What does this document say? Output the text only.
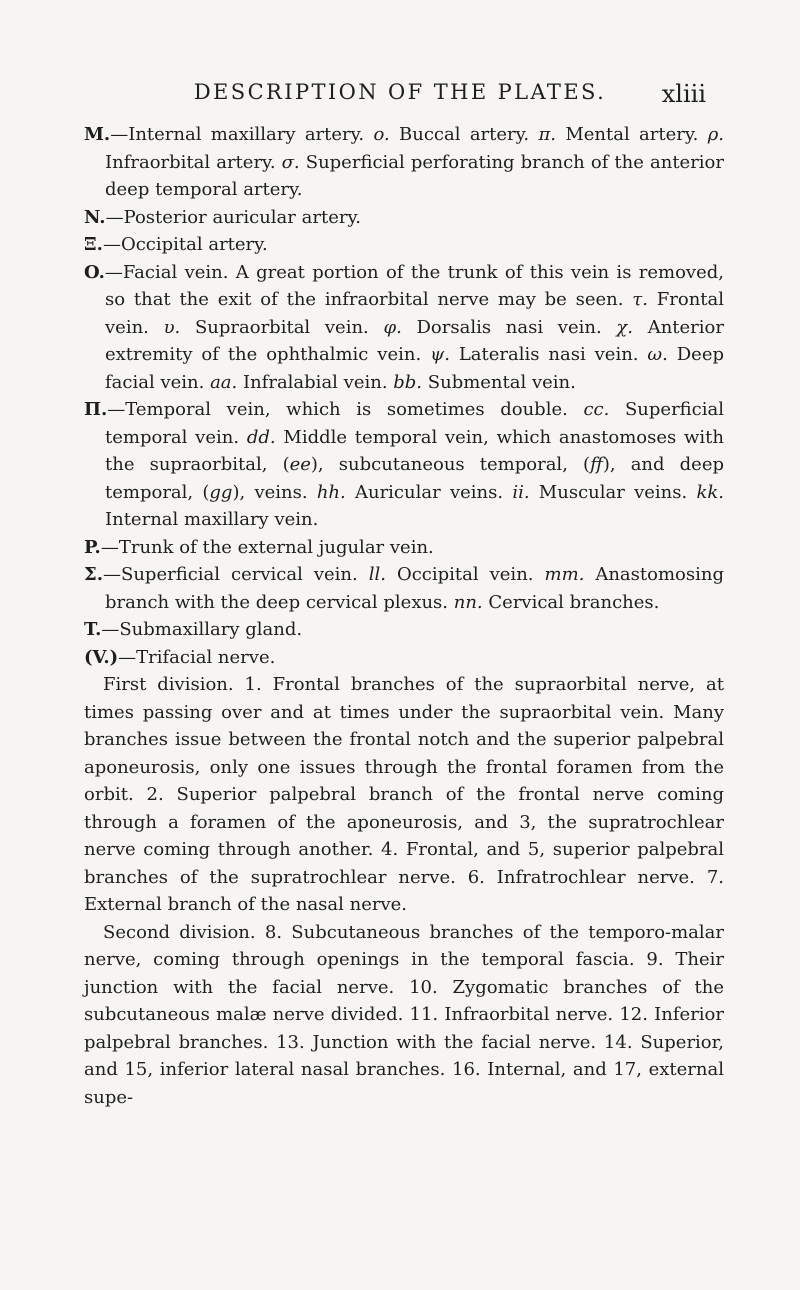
DESCRIPTION OF THE PLATES.	xliii

M.—Internal maxillary artery. o. Buccal artery. π. Mental artery. ρ. Infraorbital artery. σ. Superficial perforating branch of the anterior deep temporal artery.

N.—Posterior auricular artery.

Ξ.—Occipital artery.

O.—Facial vein. A great portion of the trunk of this vein is removed, so that the exit of the infraorbital nerve may be seen. τ. Frontal vein. υ. Supraorbital vein. φ. Dorsalis nasi vein. χ. Anterior extremity of the ophthalmic vein. ψ. Lateralis nasi vein. ω. Deep facial vein. aa. Infralabial vein. bb. Submental vein.

Π.—Temporal vein, which is sometimes double. cc. Superficial temporal vein. dd. Middle temporal vein, which anastomoses with the supraorbital, (ee), subcutaneous temporal, (ff), and deep temporal, (gg), veins. hh. Auricular veins. ii. Muscular veins. kk. Internal maxillary vein.

P.—Trunk of the external jugular vein.

Σ.—Superficial cervical vein. ll. Occipital vein. mm. Anastomosing branch with the deep cervical plexus. nn. Cervical branches.

T.—Submaxillary gland.

(V.)—Trifacial nerve.

First division. 1. Frontal branches of the supraorbital nerve, at times passing over and at times under the supraorbital vein. Many branches issue between the frontal notch and the superior palpebral aponeurosis, only one issues through the frontal foramen from the orbit. 2. Superior palpebral branch of the frontal nerve coming through a foramen of the aponeurosis, and 3, the supratrochlear nerve coming through another. 4. Frontal, and 5, superior palpebral branches of the supratrochlear nerve. 6. Infratrochlear nerve. 7. External branch of the nasal nerve.

Second division. 8. Subcutaneous branches of the temporo-malar nerve, coming through openings in the temporal fascia. 9. Their junction with the facial nerve. 10. Zygomatic branches of the subcutaneous malæ nerve divided. 11. Infraorbital nerve. 12. Inferior palpebral branches. 13. Junction with the facial nerve. 14. Superior, and 15, inferior lateral nasal branches. 16. Internal, and 17, external supe-
